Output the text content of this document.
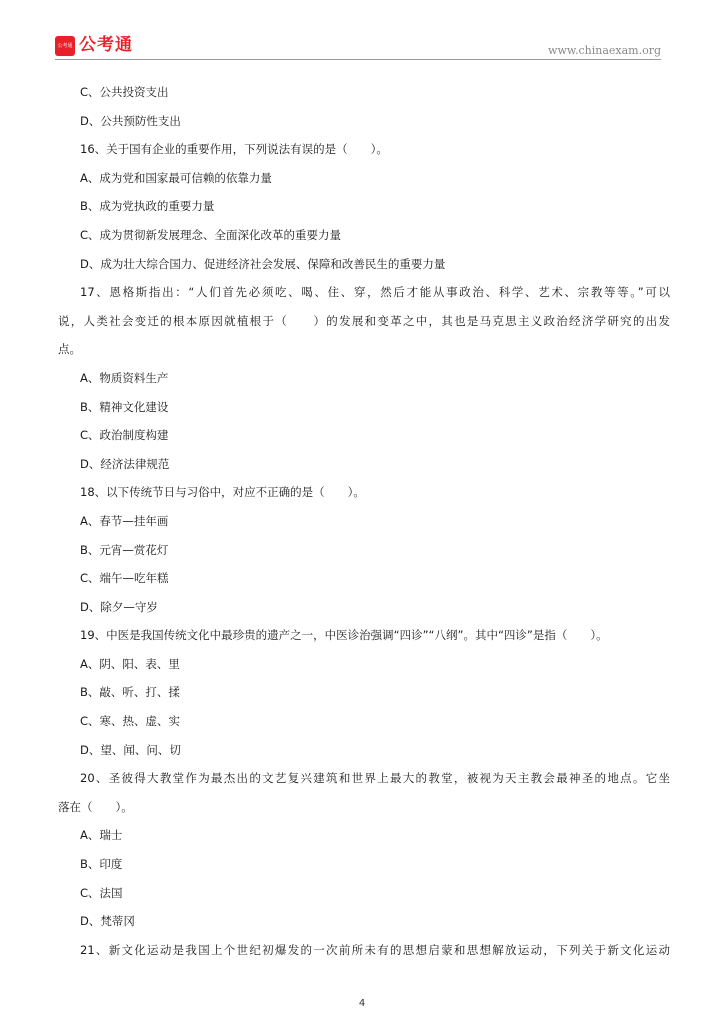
公考通 公考通	www.chinaexam.org
C、公共投资支出
D、公共预防性支出
16、关于国有企业的重要作用，下列说法有误的是（　　）。
A、成为党和国家最可信赖的依靠力量
B、成为党执政的重要力量
C、成为贯彻新发展理念、全面深化改革的重要力量
D、成为壮大综合国力、促进经济社会发展、保障和改善民生的重要力量
17、恩格斯指出：“人们首先必须吃、喝、住、穿，然后才能从事政治、科学、艺术、宗教等等。”可以
说，人类社会变迁的根本原因就植根于（　　）的发展和变革之中，其也是马克思主义政治经济学研究的出发
点。
A、物质资料生产
B、精神文化建设
C、政治制度构建
D、经济法律规范
18、以下传统节日与习俗中，对应不正确的是（　　）。
A、春节—挂年画
B、元宵—赏花灯
C、端午—吃年糕
D、除夕—守岁
19、中医是我国传统文化中最珍贵的遗产之一，中医诊治强调“四诊”“八纲”。其中“四诊”是指（　　）。
A、阴、阳、表、里
B、敲、听、打、揉
C、寒、热、虚、实
D、望、闻、问、切
20、圣彼得大教堂作为最杰出的文艺复兴建筑和世界上最大的教堂，被视为天主教会最神圣的地点。它坐
落在（　　）。
A、瑞士
B、印度
C、法国
D、梵蒂冈
21、新文化运动是我国上个世纪初爆发的一次前所未有的思想启蒙和思想解放运动，下列关于新文化运动
4
